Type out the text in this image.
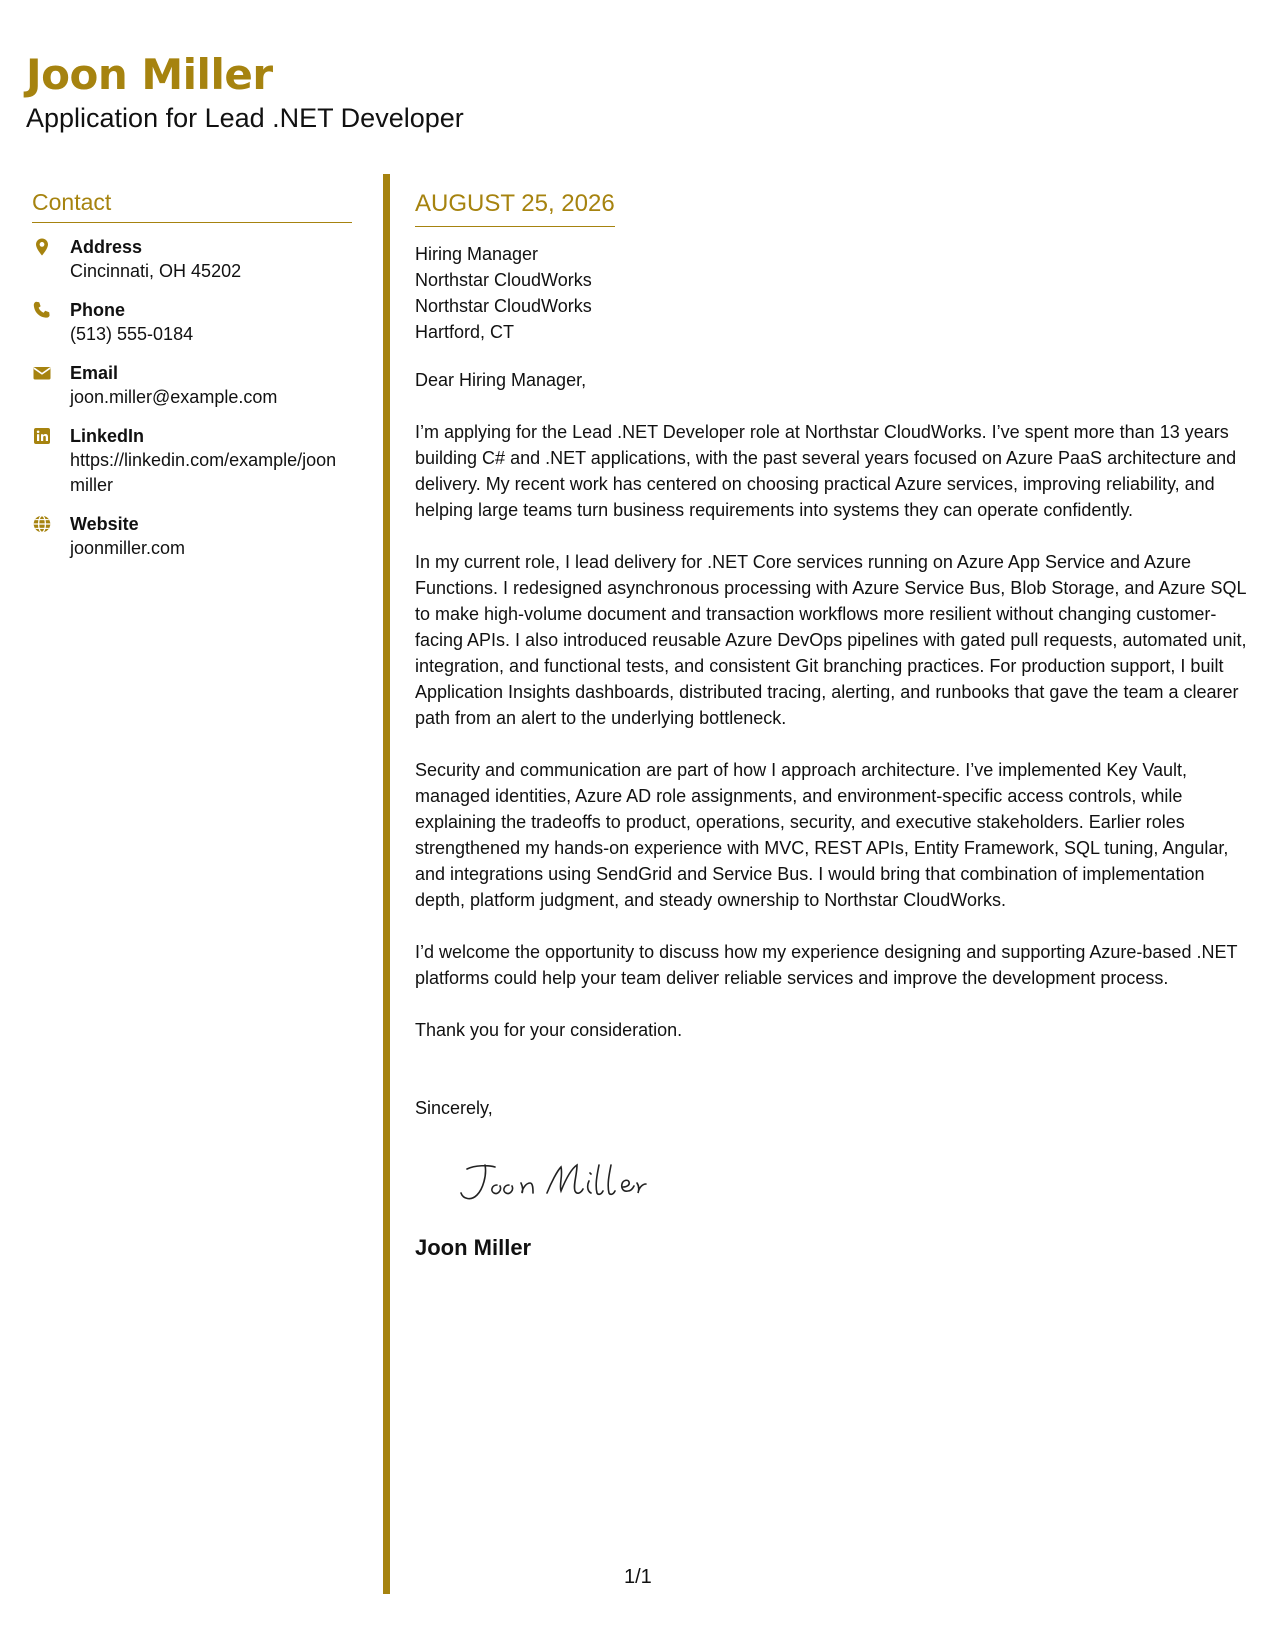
Joon Miller
Application for Lead .NET Developer
Contact
Address
Cincinnati, OH 45202
Phone
(513) 555-0184
Email
joon.miller@example.com
LinkedIn
https://linkedin.com/example/joonmiller
Website
joonmiller.com
AUGUST 25, 2026
Hiring Manager
Northstar CloudWorks
Northstar CloudWorks
Hartford, CT
Dear Hiring Manager,

I’m applying for the Lead .NET Developer role at Northstar CloudWorks. I’ve spent more than 13 years building C# and .NET applications, with the past several years focused on Azure PaaS architecture and delivery. My recent work has centered on choosing practical Azure services, improving reliability, and helping large teams turn business requirements into systems they can operate confidently.

In my current role, I lead delivery for .NET Core services running on Azure App Service and Azure Functions. I redesigned asynchronous processing with Azure Service Bus, Blob Storage, and Azure SQL to make high-volume document and transaction workflows more resilient without changing customer-facing APIs. I also introduced reusable Azure DevOps pipelines with gated pull requests, automated unit, integration, and functional tests, and consistent Git branching practices. For production support, I built Application Insights dashboards, distributed tracing, alerting, and runbooks that gave the team a clearer path from an alert to the underlying bottleneck.

Security and communication are part of how I approach architecture. I’ve implemented Key Vault, managed identities, Azure AD role assignments, and environment-specific access controls, while explaining the tradeoffs to product, operations, security, and executive stakeholders. Earlier roles strengthened my hands-on experience with MVC, REST APIs, Entity Framework, SQL tuning, Angular, and integrations using SendGrid and Service Bus. I would bring that combination of implementation depth, platform judgment, and steady ownership to Northstar CloudWorks.

I’d welcome the opportunity to discuss how my experience designing and supporting Azure-based .NET platforms could help your team deliver reliable services and improve the development process.

Thank you for your consideration.

Sincerely,
Joon Miller
1/1
